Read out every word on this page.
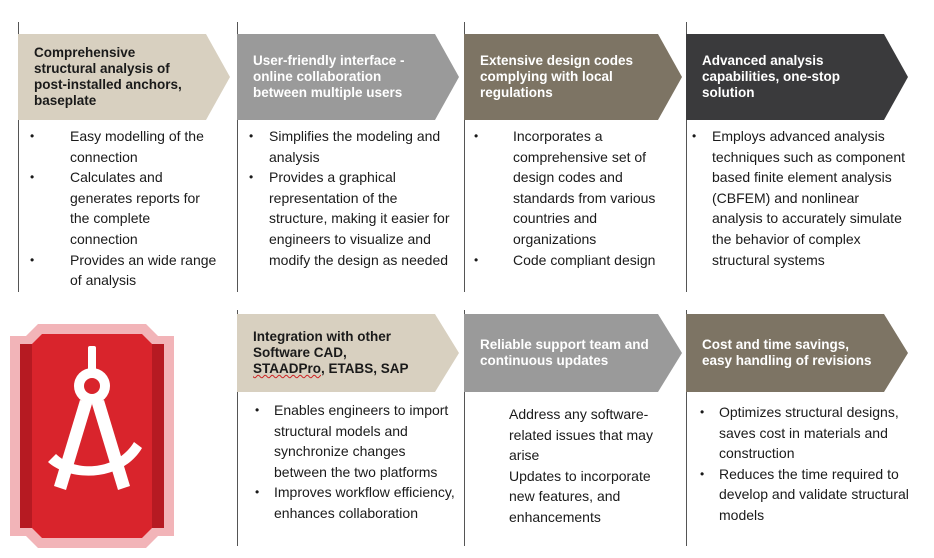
Comprehensive structural analysis of post-installed anchors, baseplate
•	Easy modelling of the connection
•	Calculates and generates reports for the complete connection
•	Provides an wide range of analysis
User-friendly interface - online collaboration between multiple users
•	Simplifies the modeling and analysis
•	Provides a graphical representation of the structure, making it easier for engineers to visualize and modify the design as needed
Extensive design codes complying with local regulations
•	Incorporates a comprehensive set of design codes and standards from various countries and organizations
•	Code compliant design
Advanced analysis capabilities, one-stop solution
•	Employs advanced analysis techniques such as component based finite element analysis (CBFEM) and nonlinear analysis to accurately simulate the behavior of complex structural systems
Integration with other
Software CAD,
STAADPro, ETABS, SAP
•	Enables engineers to import structural models and synchronize changes between the two platforms
•	Improves workflow efficiency, enhances collaboration
Reliable support team and continuous updates

Address any software-related issues that may arise

Updates to incorporate new features, and enhancements

Cost and time savings, easy handling of revisions
•	Optimizes structural designs, saves cost in materials and construction
•	Reduces the time required to develop and validate structural models
